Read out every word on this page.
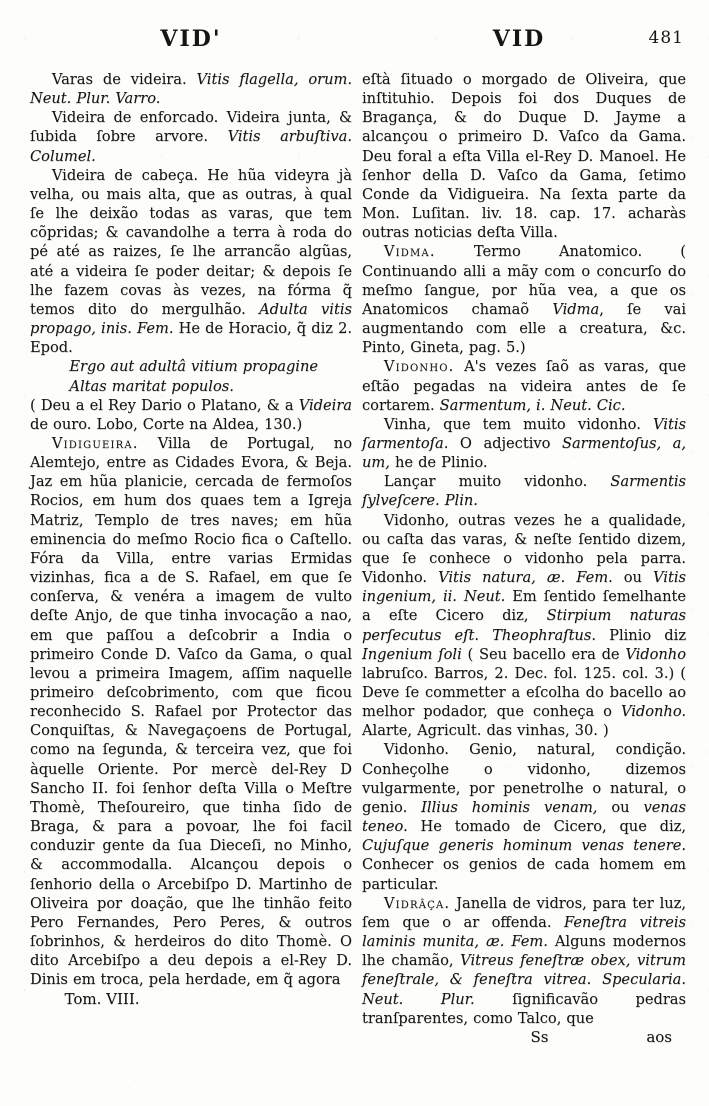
VID'	VID	481

Varas de videira. Vitis flagella, orum. Neut. Plur. Varro.

Videira de enforcado. Videira junta, & ſubida ſobre arvore. Vitis arbuſtiva. Columel.

Videira de cabeça. He hũa videyra jà velha, ou mais alta, que as outras, à qual ſe lhe deixão todas as varas, que tem cõpridas; & cavandolhe a terra à roda do pé até as raizes, ſe lhe arrancão algũas, até a videira ſe poder deitar; & depois ſe lhe fazem covas às vezes, na fórma q̃ temos dito do mergulhão. Adulta vitis propago, inis. Fem. He de Horacio, q̃ diz 2. Epod.

Ergo aut adultâ vitium propagine

Altas maritat populos.

( Deu a el Rey Dario o Platano, & a Videira de ouro. Lobo, Corte na Aldea, 130.)

Vidigueira. Villa de Portugal, no Alemtejo, entre as Cidades Evora, & Beja. Jaz em hũa planicie, cercada de fermoſos Rocios, em hum dos quaes tem a Igreja Matriz, Templo de tres naves; em hũa eminencia do meſmo Rocio fica o Caſtello. Fóra da Villa, entre varias Ermidas vizinhas, fica a de S. Rafael, em que ſe conſerva, & venéra a imagem de vulto deſte Anjo, de que tinha invocação a nao, em que paſſou a deſcobrir a India o primeiro Conde D. Vaſco da Gama, o qual levou a primeira Imagem, aſſim naquelle primeiro deſcobrimento, com que ficou reconhecido S. Rafael por Protector das Conquiſtas, & Navegaçoens de Portugal, como na ſegunda, & terceira vez, que foi àquelle Oriente. Por mercè del-Rey D Sancho II. foi ſenhor deſta Villa o Meſtre Thomè, Theſoureiro, que tinha ſido de Braga, & para a povoar, lhe foi facil conduzir gente da ſua Dieceſi, no Minho, & accommodalla. Alcançou depois o ſenhorio della o Arcebiſpo D. Martinho de Oliveira por doação, que lhe tinhão feito Pero Fernandes, Pero Peres, & outros ſobrinhos, & herdeiros do dito Thomè. O dito Arcebiſpo a deu depois a el-Rey D. Dinis em troca, pela herdade, em q̃ agora

Tom. VIII.

eſtà ſituado o morgado de Oliveira, que inſtituhio. Depois foi dos Duques de Bragança, & do Duque D. Jayme a alcançou o primeiro D. Vaſco da Gama. Deu foral a eſta Villa el-Rey D. Manoel. He ſenhor della D. Vaſco da Gama, ſetimo Conde da Vidigueira. Na ſexta parte da Mon. Luſitan. liv. 18. cap. 17. acharàs outras noticias deſta Villa.

Vidma. Termo Anatomico. ( Continuando alli a mãy com o concurſo do meſmo ſangue, por hũa vea, a que os Anatomicos chamaõ Vidma, ſe vai augmentando com elle a creatura, &c. Pinto, Gineta, pag. 5.)

Vidonho. A's vezes ſaõ as varas, que eſtão pegadas na videira antes de ſe cortarem. Sarmentum, i. Neut. Cic.

Vinha, que tem muito vidonho. Vitis ſarmentoſa. O adjectivo Sarmentoſus, a, um, he de Plinio.

Lançar muito vidonho. Sarmentis ſylveſcere. Plin.

Vidonho, outras vezes he a qualidade, ou caſta das varas, & neſte ſentido dizem, que ſe conhece o vidonho pela parra. Vidonho. Vitis natura, æ. Fem. ou Vitis ingenium, ii. Neut. Em ſentido ſemelhante a eſte Cicero diz, Stirpium naturas perſecutus eſt. Theophraſtus. Plinio diz Ingenium ſoli ( Seu bacello era de Vidonho labruſco. Barros, 2. Dec. fol. 125. col. 3.) ( Deve ſe commetter a eſcolha do bacello ao melhor podador, que conheça o Vidonho. Alarte, Agricult. das vinhas, 30. )

Vidonho. Genio, natural, condição. Conheçolhe o vidonho, dizemos vulgarmente, por penetrolhe o natural, o genio. Illius hominis venam, ou venas teneo. He tomado de Cicero, que diz, Cujuſque generis hominum venas tenere. Conhecer os genios de cada homem em particular.

Vidrâça. Janella de vidros, para ter luz, ſem que o ar offenda. Feneſtra vitreis laminis munita, æ. Fem. Alguns modernos lhe chamão, Vitreus feneſtræ obex, vitrum feneſtrale, & feneſtra vitrea. Specularia. Neut. Plur. ſignificavão pedras tranſparentes, como Talco, que

Ss	aos
